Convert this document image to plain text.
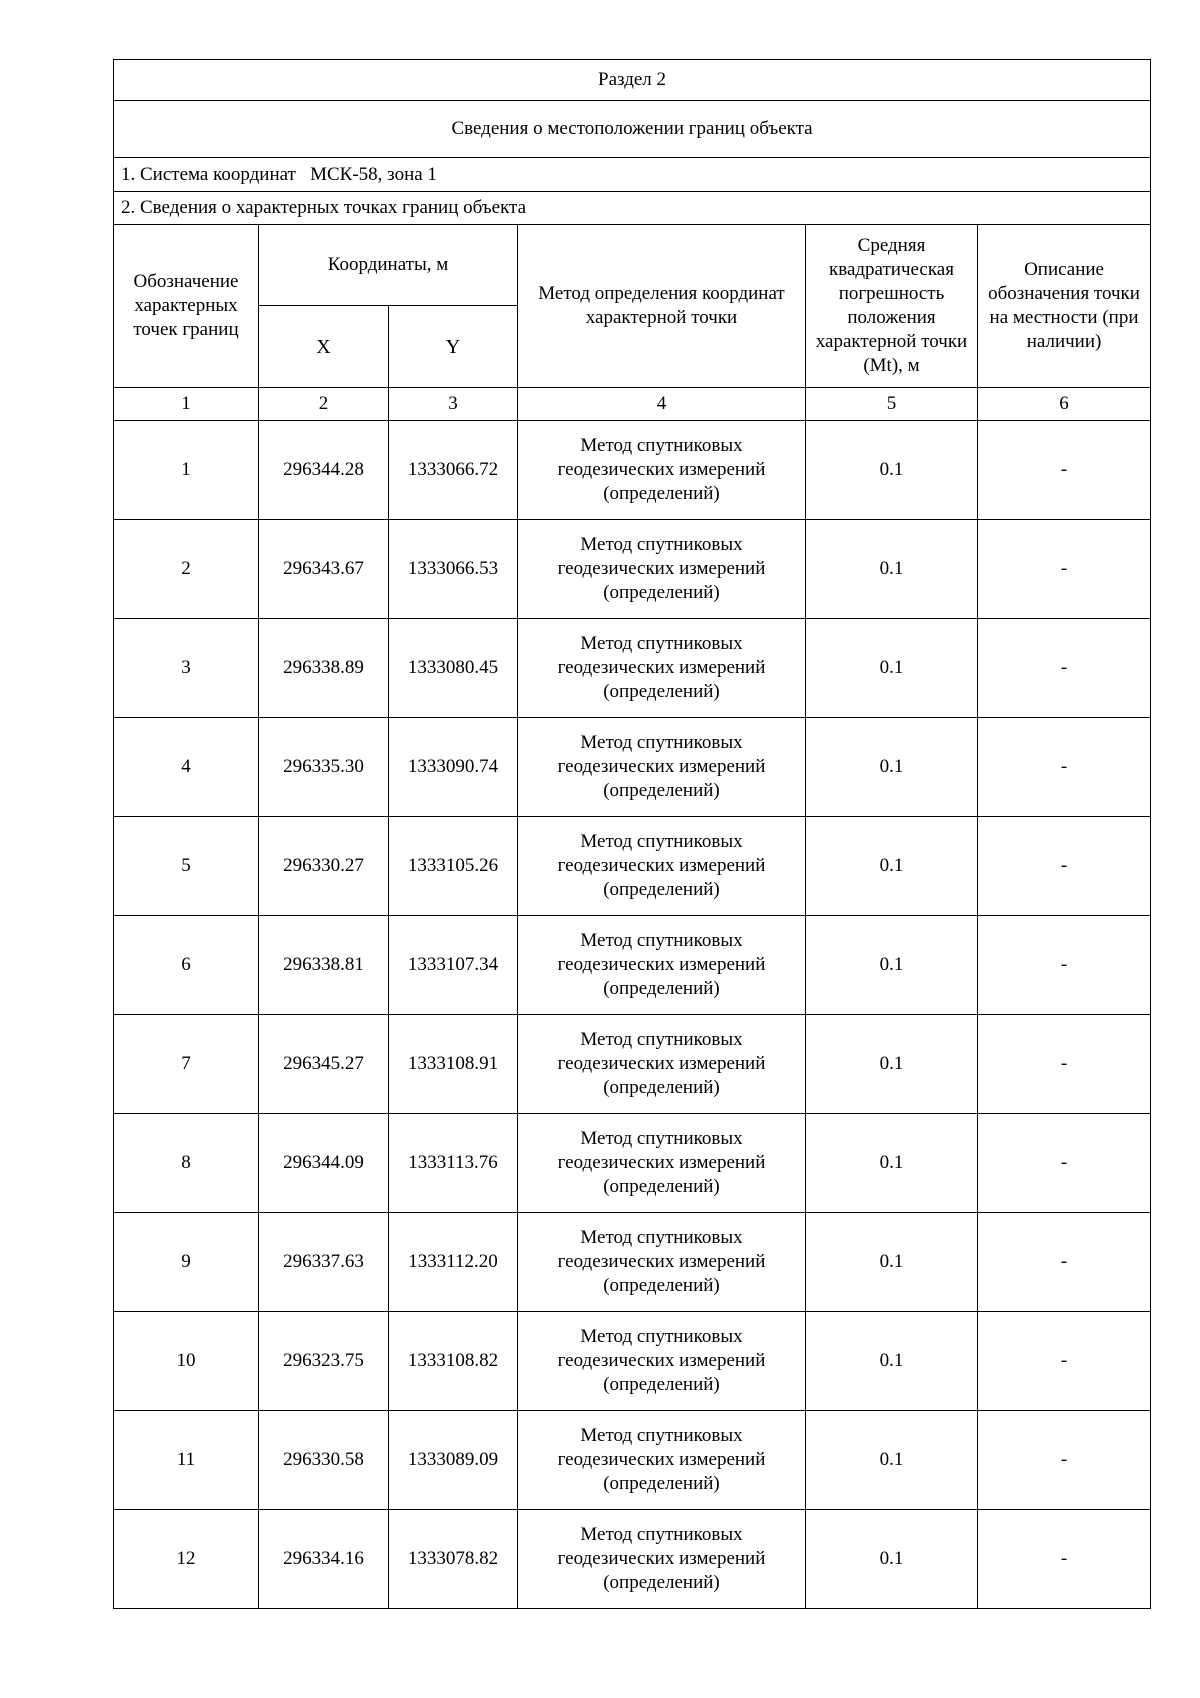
Раздел 2					
Сведения о местоположении границ объекта					
1. Система координат МСК-58, зона 1					
2. Сведения о характерных точках границ объекта					
Обозначение характерных точек границ	Координаты, м		Метод определения координат характерной точки	Средняя квадратическая погрешность положения характерной точки (Mt), м	Описание обозначения точки на местности (при наличии)
	X	Y			
1	2	3	4	5	6
1	296344.28	1333066.72	Метод спутниковых
геодезических измерений
(определений)	0.1	-
2	296343.67	1333066.53	Метод спутниковых
геодезических измерений
(определений)	0.1	-
3	296338.89	1333080.45	Метод спутниковых
геодезических измерений
(определений)	0.1	-
4	296335.30	1333090.74	Метод спутниковых
геодезических измерений
(определений)	0.1	-
5	296330.27	1333105.26	Метод спутниковых
геодезических измерений
(определений)	0.1	-
6	296338.81	1333107.34	Метод спутниковых
геодезических измерений
(определений)	0.1	-
7	296345.27	1333108.91	Метод спутниковых
геодезических измерений
(определений)	0.1	-
8	296344.09	1333113.76	Метод спутниковых
геодезических измерений
(определений)	0.1	-
9	296337.63	1333112.20	Метод спутниковых
геодезических измерений
(определений)	0.1	-
10	296323.75	1333108.82	Метод спутниковых
геодезических измерений
(определений)	0.1	-
11	296330.58	1333089.09	Метод спутниковых
геодезических измерений
(определений)	0.1	-
12	296334.16	1333078.82	Метод спутниковых
геодезических измерений
(определений)	0.1	-
